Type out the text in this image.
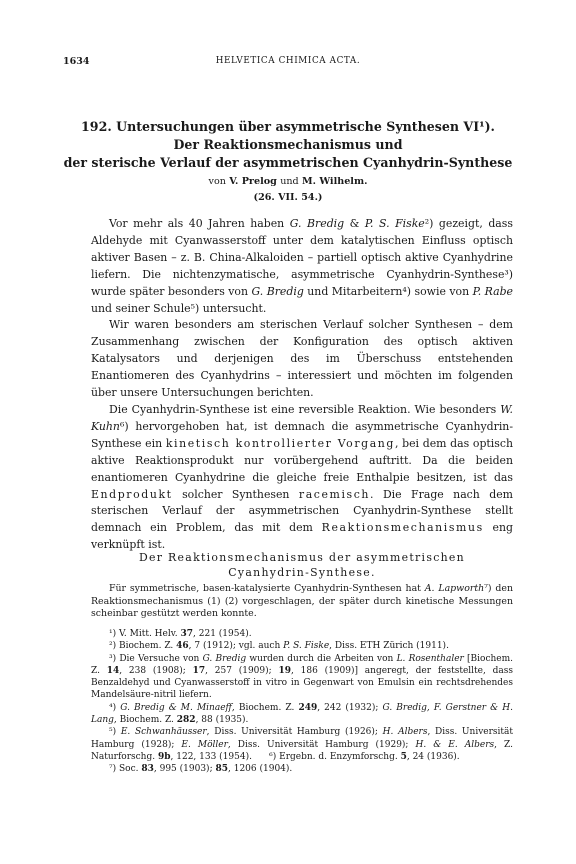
1634	HELVETICA CHIMICA ACTA.
192. Untersuchungen über asymmetrische Synthesen VI¹).
Der Reaktionsmechanismus und
der sterische Verlauf der asymmetrischen Cyanhydrin-Synthese
von V. Prelog und M. Wilhelm.
(26. VII. 54.)

Vor mehr als 40 Jahren haben G. Bredig & P. S. Fiske²) gezeigt, dass Aldehyde mit Cyanwasserstoff unter dem katalytischen Einfluss optisch aktiver Basen – z. B. China-Alkaloiden – partiell optisch aktive Cyanhydrine liefern. Die nichtenzymatische, asymmetrische Cyanhydrin-Synthese³) wurde später besonders von G. Bredig und Mitarbeitern⁴) sowie von P. Rabe und seiner Schule⁵) untersucht.

Wir waren besonders am sterischen Verlauf solcher Synthesen – dem Zusammenhang zwischen der Konfiguration des optisch aktiven Katalysators und derjenigen des im Überschuss entstehenden Enantiomeren des Cyanhydrins – interessiert und möchten im folgenden über unsere Untersuchungen berichten.

Die Cyanhydrin-Synthese ist eine reversible Reaktion. Wie besonders W. Kuhn⁶) hervorgehoben hat, ist demnach die asymmetrische Cyanhydrin-Synthese ein kinetisch kontrollierter Vorgang, bei dem das optisch aktive Reaktionsprodukt nur vorübergehend auftritt. Da die beiden enantiomeren Cyanhydrine die gleiche freie Enthalpie besitzen, ist das Endprodukt solcher Synthesen racemisch. Die Frage nach dem sterischen Verlauf der asymmetrischen Cyanhydrin-Synthese stellt demnach ein Problem, das mit dem Reaktionsmechanismus eng verknüpft ist.

Der Reaktionsmechanismus der asymmetrischen
Cyanhydrin-Synthese.

Für symmetrische, basen-katalysierte Cyanhydrin-Synthesen hat A. Lapworth⁷) den Reaktionsmechanismus (1) (2) vorgeschlagen, der später durch kinetische Messungen scheinbar gestützt werden konnte.

¹) V. Mitt. Helv. 37, 221 (1954).

²) Biochem. Z. 46, 7 (1912); vgl. auch P. S. Fiske, Diss. ETH Zürich (1911).

³) Die Versuche von G. Bredig wurden durch die Arbeiten von L. Rosenthaler [Biochem. Z. 14, 238 (1908); 17, 257 (1909); 19, 186 (1909)] angeregt, der feststellte, dass Benzaldehyd und Cyanwasserstoff in vitro in Gegenwart von Emulsin ein rechtsdrehendes Mandelsäure-nitril liefern.

⁴) G. Bredig & M. Minaeff, Biochem. Z. 249, 242 (1932); G. Bredig, F. Gerstner & H. Lang, Biochem. Z. 282, 88 (1935).

⁵) E. Schwanhäusser, Diss. Universität Hamburg (1926); H. Albers, Diss. Universität Hamburg (1928); E. Möller, Diss. Universität Hamburg (1929); H. & E. Albers, Z. Naturforschg. 9b, 122, 133 (1954). ⁶) Ergebn. d. Enzymforschg. 5, 24 (1936).

⁷) Soc. 83, 995 (1903); 85, 1206 (1904).
